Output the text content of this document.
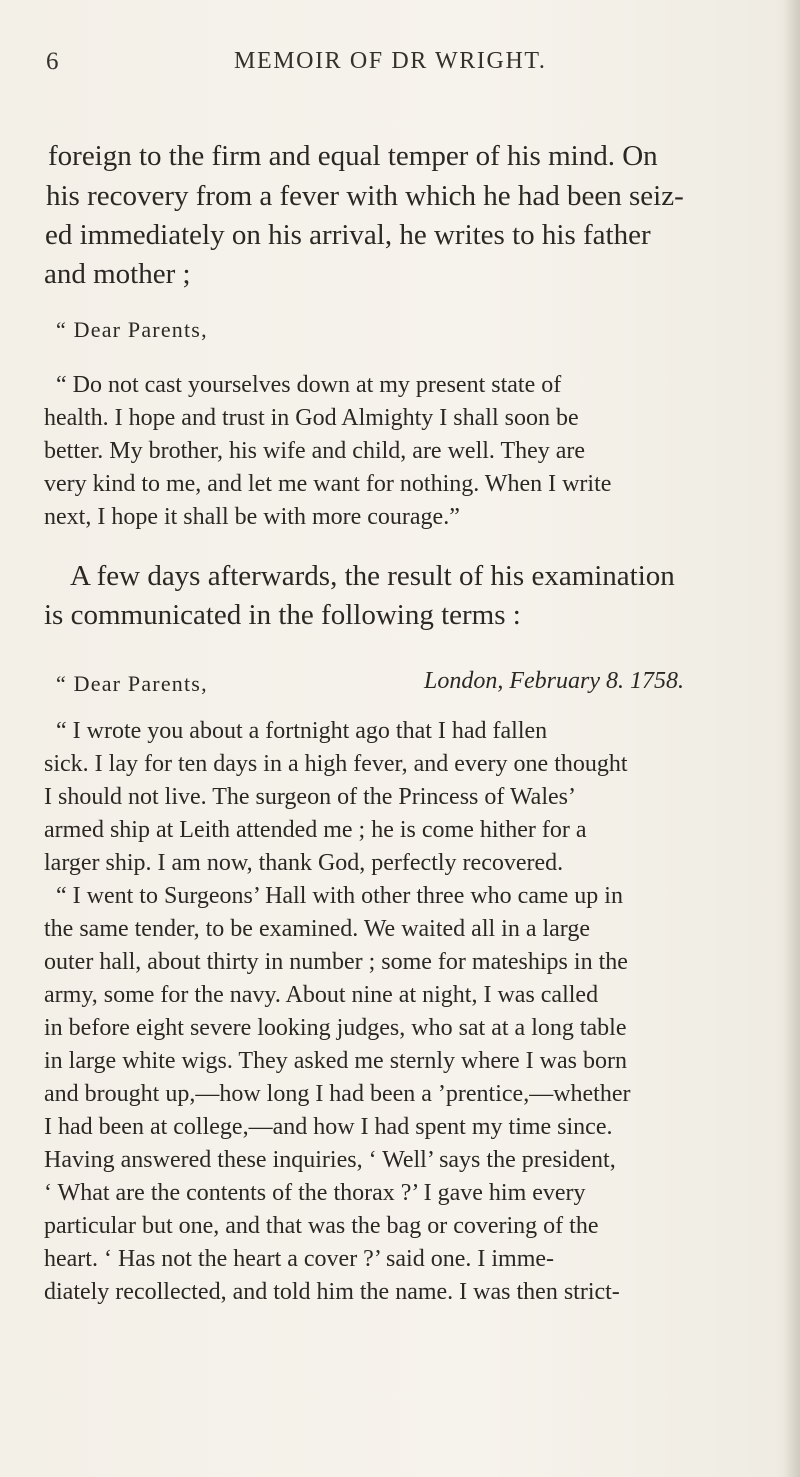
6	MEMOIR OF DR WRIGHT.
foreign to the firm and equal temper of his mind. On
his recovery from a fever with which he had been seiz-
ed immediately on his arrival, he writes to his father
and mother ;
“ Dear Parents,
“ Do not cast yourselves down at my present state of
health. I hope and trust in God Almighty I shall soon be
better. My brother, his wife and child, are well. They are
very kind to me, and let me want for nothing. When I write
next, I hope it shall be with more courage.”
A few days afterwards, the result of his examination
is communicated in the following terms :
“ Dear Parents,	London, February 8. 1758.
“ I wrote you about a fortnight ago that I had fallen
sick. I lay for ten days in a high fever, and every one thought
I should not live. The surgeon of the Princess of Wales’
armed ship at Leith attended me ; he is come hither for a
larger ship. I am now, thank God, perfectly recovered.
“ I went to Surgeons’ Hall with other three who came up in
the same tender, to be examined. We waited all in a large
outer hall, about thirty in number ; some for mateships in the
army, some for the navy. About nine at night, I was called
in before eight severe looking judges, who sat at a long table
in large white wigs. They asked me sternly where I was born
and brought up,—how long I had been a ’prentice,—whether
I had been at college,—and how I had spent my time since.
Having answered these inquiries, ‘ Well’ says the president,
‘ What are the contents of the thorax ?’ I gave him every
particular but one, and that was the bag or covering of the
heart. ‘ Has not the heart a cover ?’ said one. I imme-
diately recollected, and told him the name. I was then strict-
